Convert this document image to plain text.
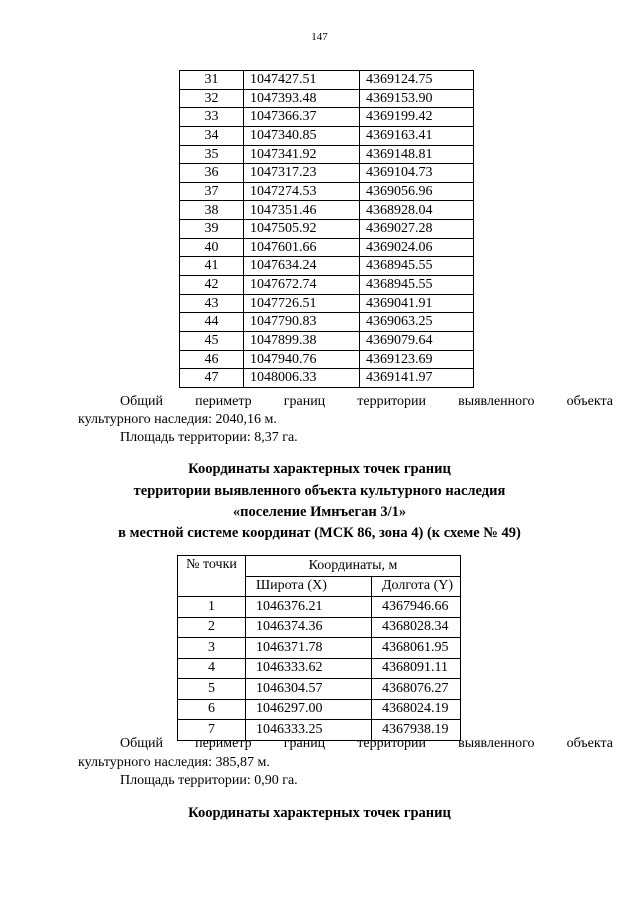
147
31	1047427.51	4369124.75
32	1047393.48	4369153.90
33	1047366.37	4369199.42
34	1047340.85	4369163.41
35	1047341.92	4369148.81
36	1047317.23	4369104.73
37	1047274.53	4369056.96
38	1047351.46	4368928.04
39	1047505.92	4369027.28
40	1047601.66	4369024.06
41	1047634.24	4368945.55
42	1047672.74	4368945.55
43	1047726.51	4369041.91
44	1047790.83	4369063.25
45	1047899.38	4369079.64
46	1047940.76	4369123.69
47	1048006.33	4369141.97
Общий периметр границ территории выявленного объекта
культурного наследия: 2040,16 м.
Площадь территории: 8,37 га.
Координаты характерных точек границ
территории выявленного объекта культурного наследия
«поселение Имнъеган 3/1»
в местной системе координат (МСК 86, зона 4) (к схеме № 49)
№ точки	Координаты, м	
	Широта (X)	Долгота (Y)
1	1046376.21	4367946.66
2	1046374.36	4368028.34
3	1046371.78	4368061.95
4	1046333.62	4368091.11
5	1046304.57	4368076.27
6	1046297.00	4368024.19
7	1046333.25	4367938.19
Общий периметр границ территории выявленного объекта
культурного наследия: 385,87 м.
Площадь территории: 0,90 га.
Координаты характерных точек границ
